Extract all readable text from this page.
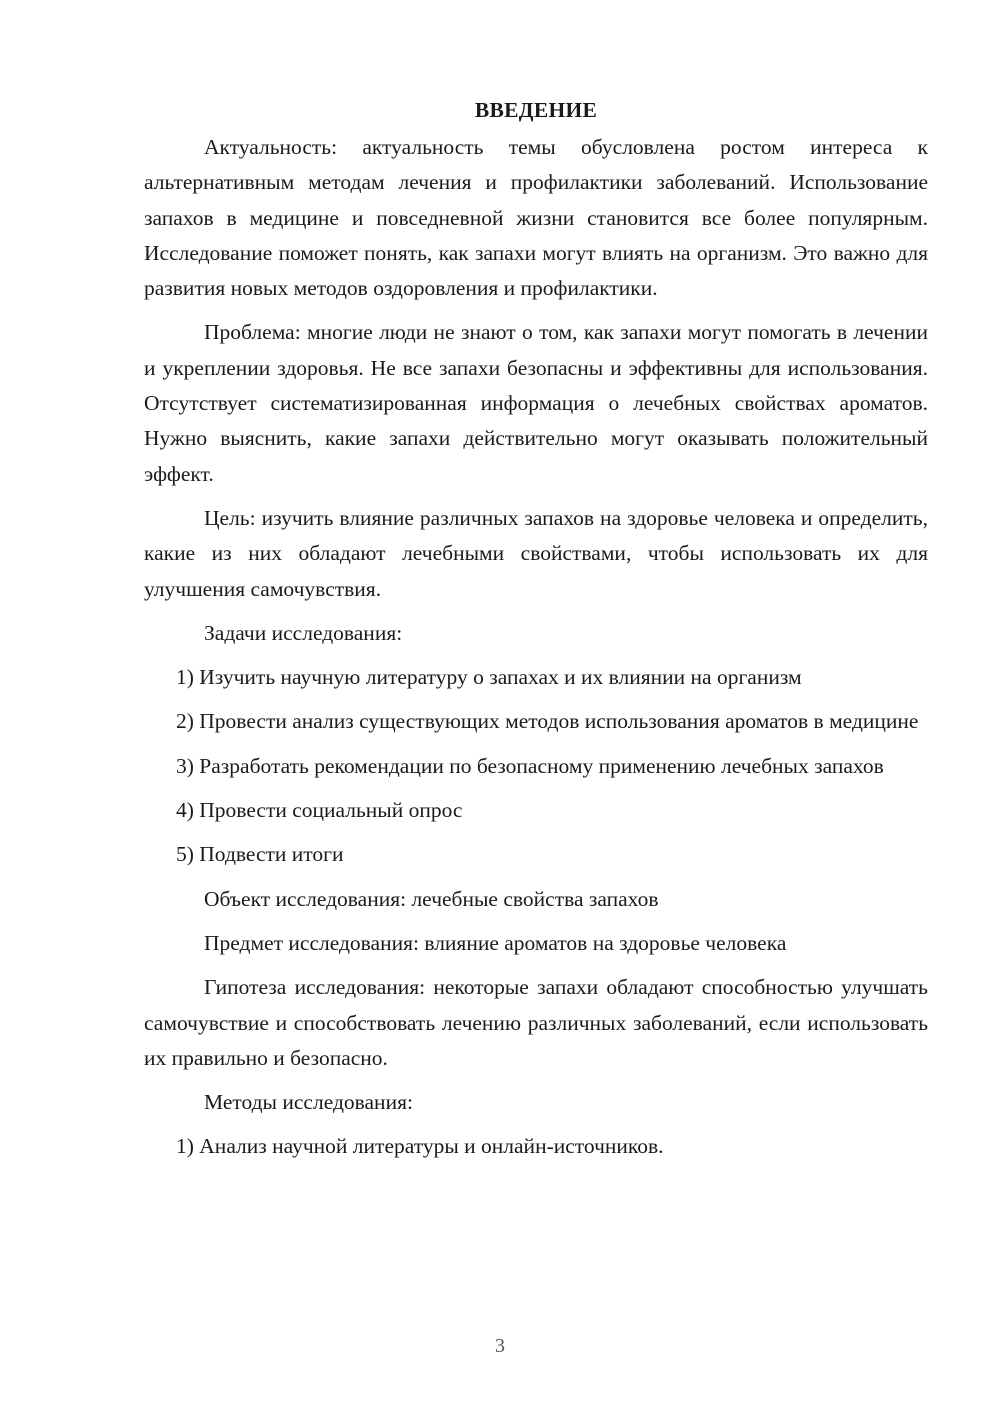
ВВЕДЕНИЕ

Актуальность: актуальность темы обусловлена ростом интереса к альтернативным методам лечения и профилактики заболеваний. Использование запахов в медицине и повседневной жизни становится все более популярным. Исследование поможет понять, как запахи могут влиять на организм. Это важно для развития новых методов оздоровления и профилактики.

Проблема: многие люди не знают о том, как запахи могут помогать в лечении и укреплении здоровья. Не все запахи безопасны и эффективны для использования. Отсутствует систематизированная информация о лечебных свойствах ароматов. Нужно выяснить, какие запахи действительно могут оказывать положительный эффект.

Цель: изучить влияние различных запахов на здоровье человека и определить, какие из них обладают лечебными свойствами, чтобы использовать их для улучшения самочувствия.

Задачи исследования:

1) Изучить научную литературу о запахах и их влиянии на организм

2) Провести анализ существующих методов использования ароматов в медицине

3) Разработать рекомендации по безопасному применению лечебных запахов

4) Провести социальный опрос

5) Подвести итоги

Объект исследования: лечебные свойства запахов

Предмет исследования: влияние ароматов на здоровье человека

Гипотеза исследования: некоторые запахи обладают способностью улучшать самочувствие и способствовать лечению различных заболеваний, если использовать их правильно и безопасно.

Методы исследования:

1) Анализ научной литературы и онлайн-источников.

3
